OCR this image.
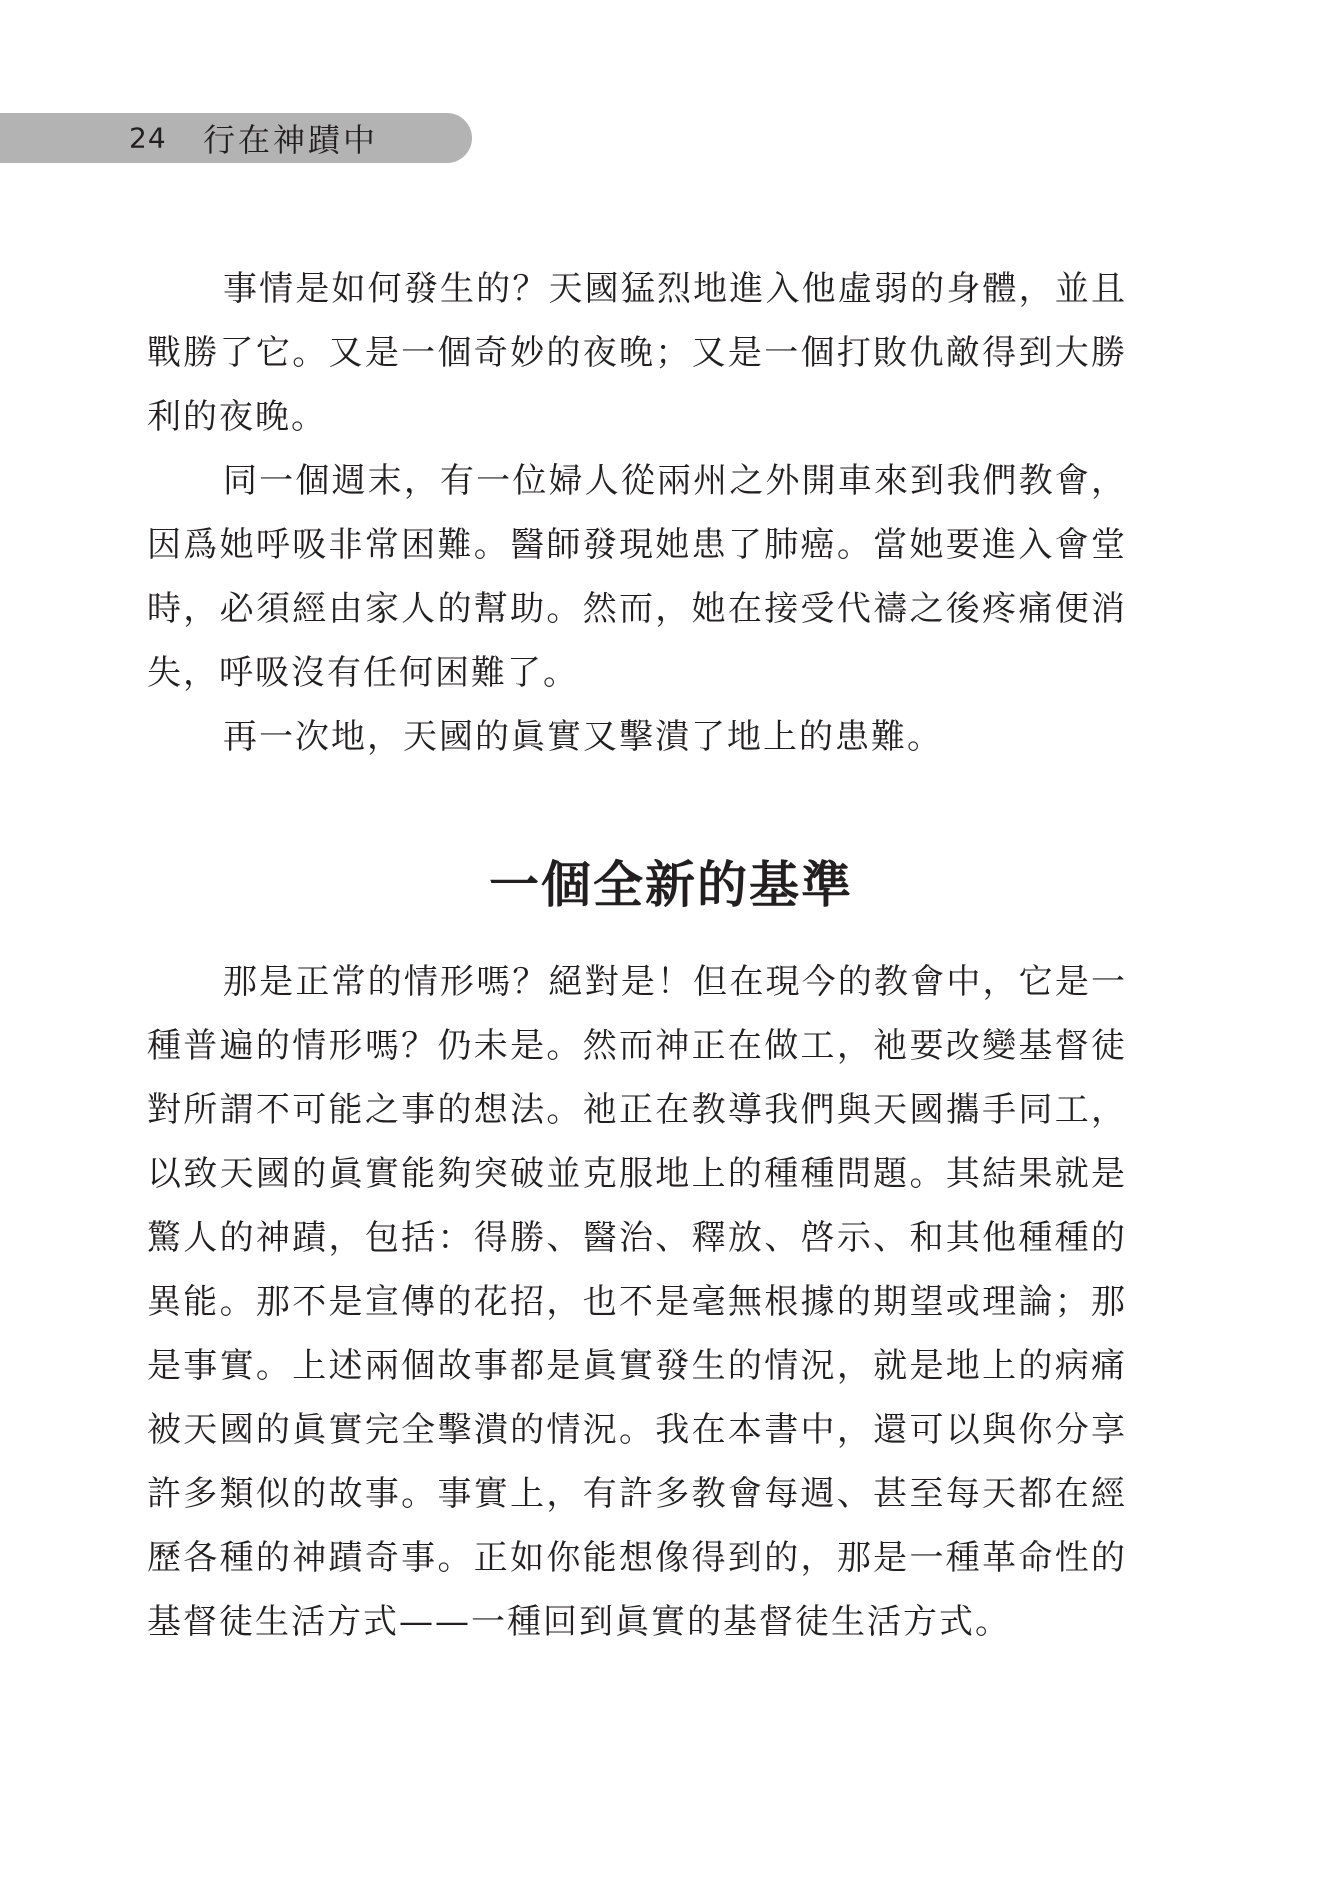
24 行在神蹟中

事情是如何發生的？天國猛烈地進入他虛弱的身體，並且戰勝了它。又是一個奇妙的夜晚；又是一個打敗仇敵得到大勝利的夜晚。

同一個週末，有一位婦人從兩州之外開車來到我們教會，因爲她呼吸非常困難。醫師發現她患了肺癌。當她要進入會堂時，必須經由家人的幫助。然而，她在接受代禱之後疼痛便消失，呼吸沒有任何困難了。

再一次地，天國的眞實又擊潰了地上的患難。

一個全新的基準

那是正常的情形嗎？絕對是！但在現今的教會中，它是一種普遍的情形嗎？仍未是。然而神正在做工，祂要改變基督徒對所謂不可能之事的想法。祂正在教導我們與天國攜手同工，以致天國的眞實能夠突破並克服地上的種種問題。其結果就是驚人的神蹟，包括：得勝、醫治、釋放、啓示、和其他種種的異能。那不是宣傳的花招，也不是毫無根據的期望或理論；那是事實。上述兩個故事都是眞實發生的情況，就是地上的病痛被天國的眞實完全擊潰的情況。我在本書中，還可以與你分享許多類似的故事。事實上，有許多教會每週、甚至每天都在經歷各種的神蹟奇事。正如你能想像得到的，那是一種革命性的基督徒生活方式——一種回到眞實的基督徒生活方式。
